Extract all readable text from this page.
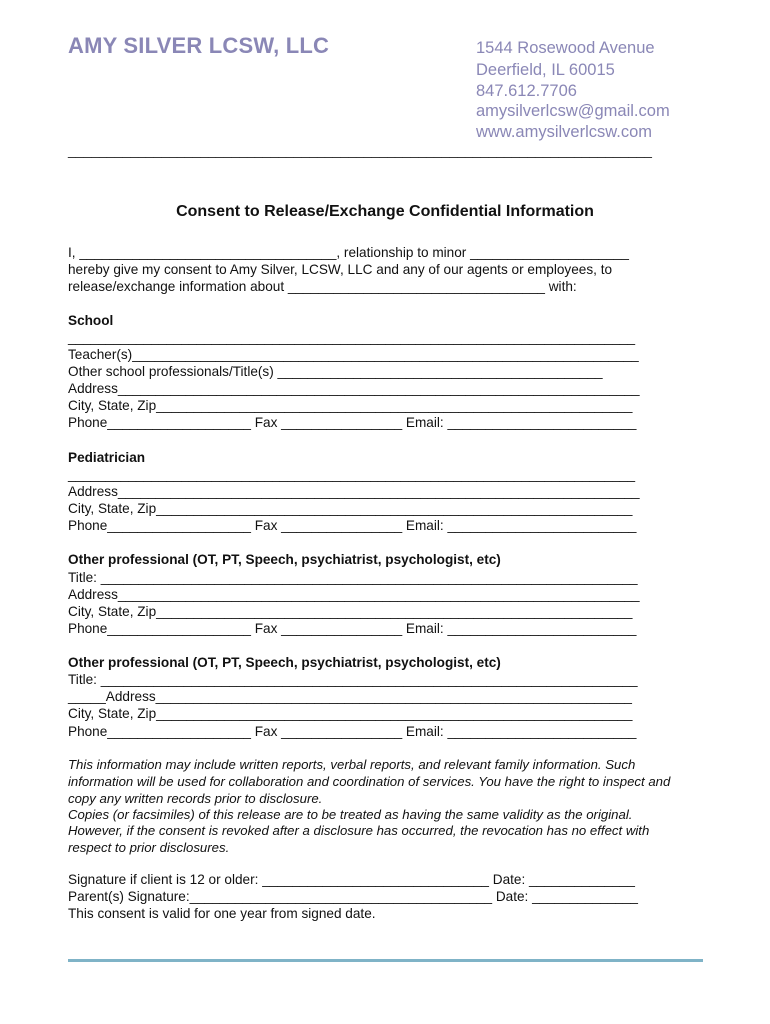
AMY SILVER LCSW, LLC	1544 Rosewood Avenue
Deerfield, IL 60015
847.612.7706
amysilverlcsw@gmail.com
www.amysilverlcsw.com
___________________________________________________________________________
Consent to Release/Exchange Confidential Information
I, __________________________________, relationship to minor _____________________
hereby give my consent to Amy Silver, LCSW, LLC and any of our agents or employees, to
release/exchange information about __________________________________ with:
School
___________________________________________________________________________
Teacher(s)___________________________________________________________________
Other school professionals/Title(s) ___________________________________________
Address_____________________________________________________________________
City, State, Zip_______________________________________________________________
Phone___________________ Fax ________________ Email: _________________________
Pediatrician
___________________________________________________________________________
Address_____________________________________________________________________
City, State, Zip_______________________________________________________________
Phone___________________ Fax ________________ Email: _________________________
Other professional (OT, PT, Speech, psychiatrist, psychologist, etc)
Title: _______________________________________________________________________
Address_____________________________________________________________________
City, State, Zip_______________________________________________________________
Phone___________________ Fax ________________ Email: _________________________
Other professional (OT, PT, Speech, psychiatrist, psychologist, etc)
Title: _______________________________________________________________________
_____Address_______________________________________________________________
City, State, Zip_______________________________________________________________
Phone___________________ Fax ________________ Email: _________________________
This information may include written reports, verbal reports, and relevant family information. Such
information will be used for collaboration and coordination of services. You have the right to inspect and
copy any written records prior to disclosure.
Copies (or facsimiles) of this release are to be treated as having the same validity as the original.
However, if the consent is revoked after a disclosure has occurred, the revocation has no effect with
respect to prior disclosures.
Signature if client is 12 or older: ______________________________ Date: ______________
Parent(s) Signature:________________________________________ Date: ______________
This consent is valid for one year from signed date.
